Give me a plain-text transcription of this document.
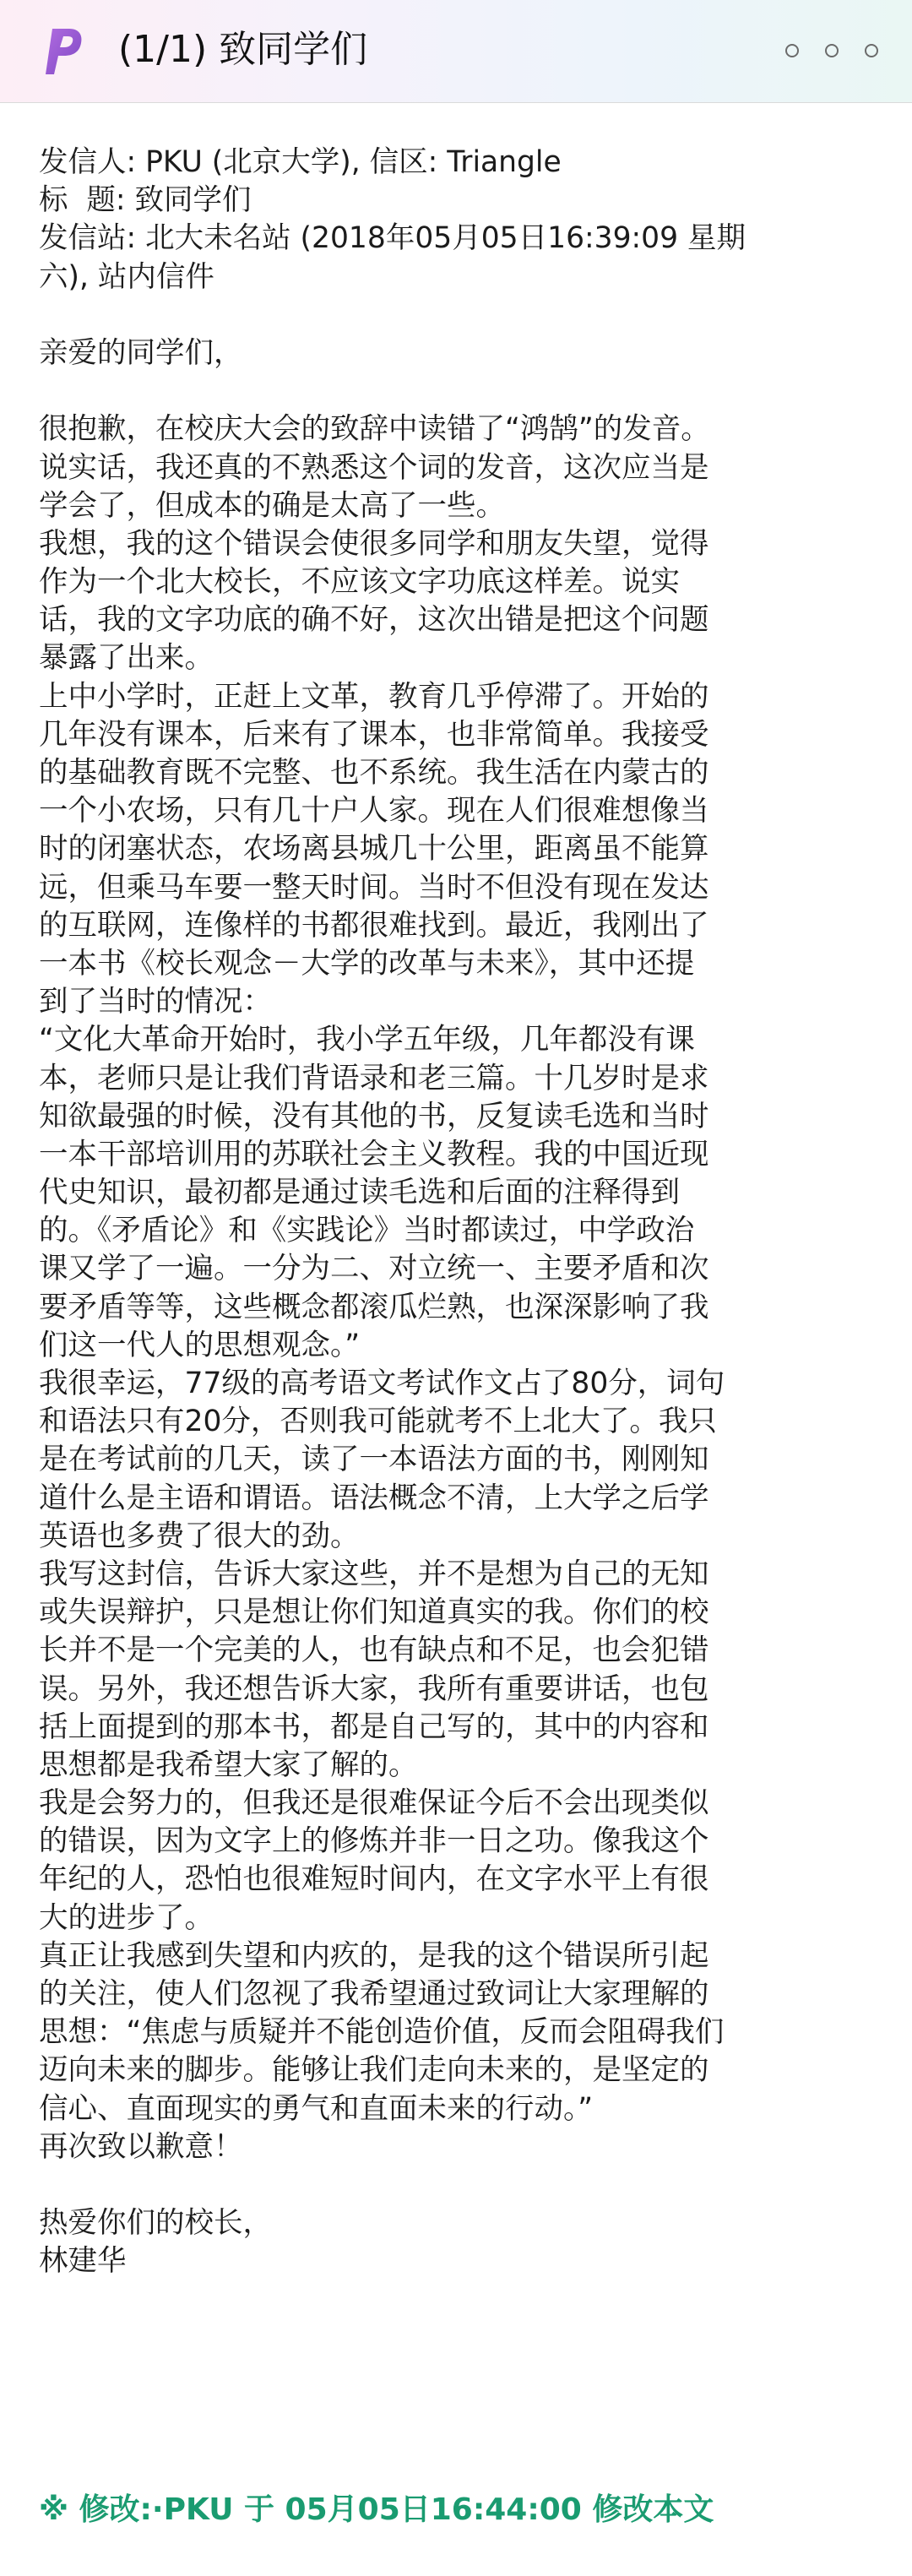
(1/1) 致同学们
发信人: PKU (北京大学), 信区: Triangle
标  题: 致同学们
发信站: 北大未名站 (2018年05月05日16:39:09 星期
六), 站内信件
亲爱的同学们，
很抱歉，在校庆大会的致辞中读错了“鸿鹄”的发音。
说实话，我还真的不熟悉这个词的发音，这次应当是
学会了，但成本的确是太高了一些。
我想，我的这个错误会使很多同学和朋友失望，觉得
作为一个北大校长，不应该文字功底这样差。说实
话，我的文字功底的确不好，这次出错是把这个问题
暴露了出来。
上中小学时，正赶上文革，教育几乎停滞了。开始的
几年没有课本，后来有了课本，也非常简单。我接受
的基础教育既不完整、也不系统。我生活在内蒙古的
一个小农场，只有几十户人家。现在人们很难想像当
时的闭塞状态，农场离县城几十公里，距离虽不能算
远，但乘马车要一整天时间。当时不但没有现在发达
的互联网，连像样的书都很难找到。最近，我刚出了
一本书《校长观念－大学的改革与未来》，其中还提
到了当时的情况：
“文化大革命开始时，我小学五年级，几年都没有课
本，老师只是让我们背语录和老三篇。十几岁时是求
知欲最强的时候，没有其他的书，反复读毛选和当时
一本干部培训用的苏联社会主义教程。我的中国近现
代史知识，最初都是通过读毛选和后面的注释得到
的。《矛盾论》和《实践论》当时都读过，中学政治
课又学了一遍。一分为二、对立统一、主要矛盾和次
要矛盾等等，这些概念都滚瓜烂熟，也深深影响了我
们这一代人的思想观念。”
我很幸运，77级的高考语文考试作文占了80分，词句
和语法只有20分，否则我可能就考不上北大了。我只
是在考试前的几天，读了一本语法方面的书，刚刚知
道什么是主语和谓语。语法概念不清，上大学之后学
英语也多费了很大的劲。
我写这封信，告诉大家这些，并不是想为自己的无知
或失误辩护，只是想让你们知道真实的我。你们的校
长并不是一个完美的人，也有缺点和不足，也会犯错
误。另外，我还想告诉大家，我所有重要讲话，也包
括上面提到的那本书，都是自己写的，其中的内容和
思想都是我希望大家了解的。
我是会努力的，但我还是很难保证今后不会出现类似
的错误，因为文字上的修炼并非一日之功。像我这个
年纪的人，恐怕也很难短时间内，在文字水平上有很
大的进步了。
真正让我感到失望和内疚的，是我的这个错误所引起
的关注，使人们忽视了我希望通过致词让大家理解的
思想：“焦虑与质疑并不能创造价值，反而会阻碍我们
迈向未来的脚步。能够让我们走向未来的，是坚定的
信心、直面现实的勇气和直面未来的行动。”
再次致以歉意！
热爱你们的校长，
林建华
※ 修改:·PKU 于 05月05日16:44:00 修改本文
